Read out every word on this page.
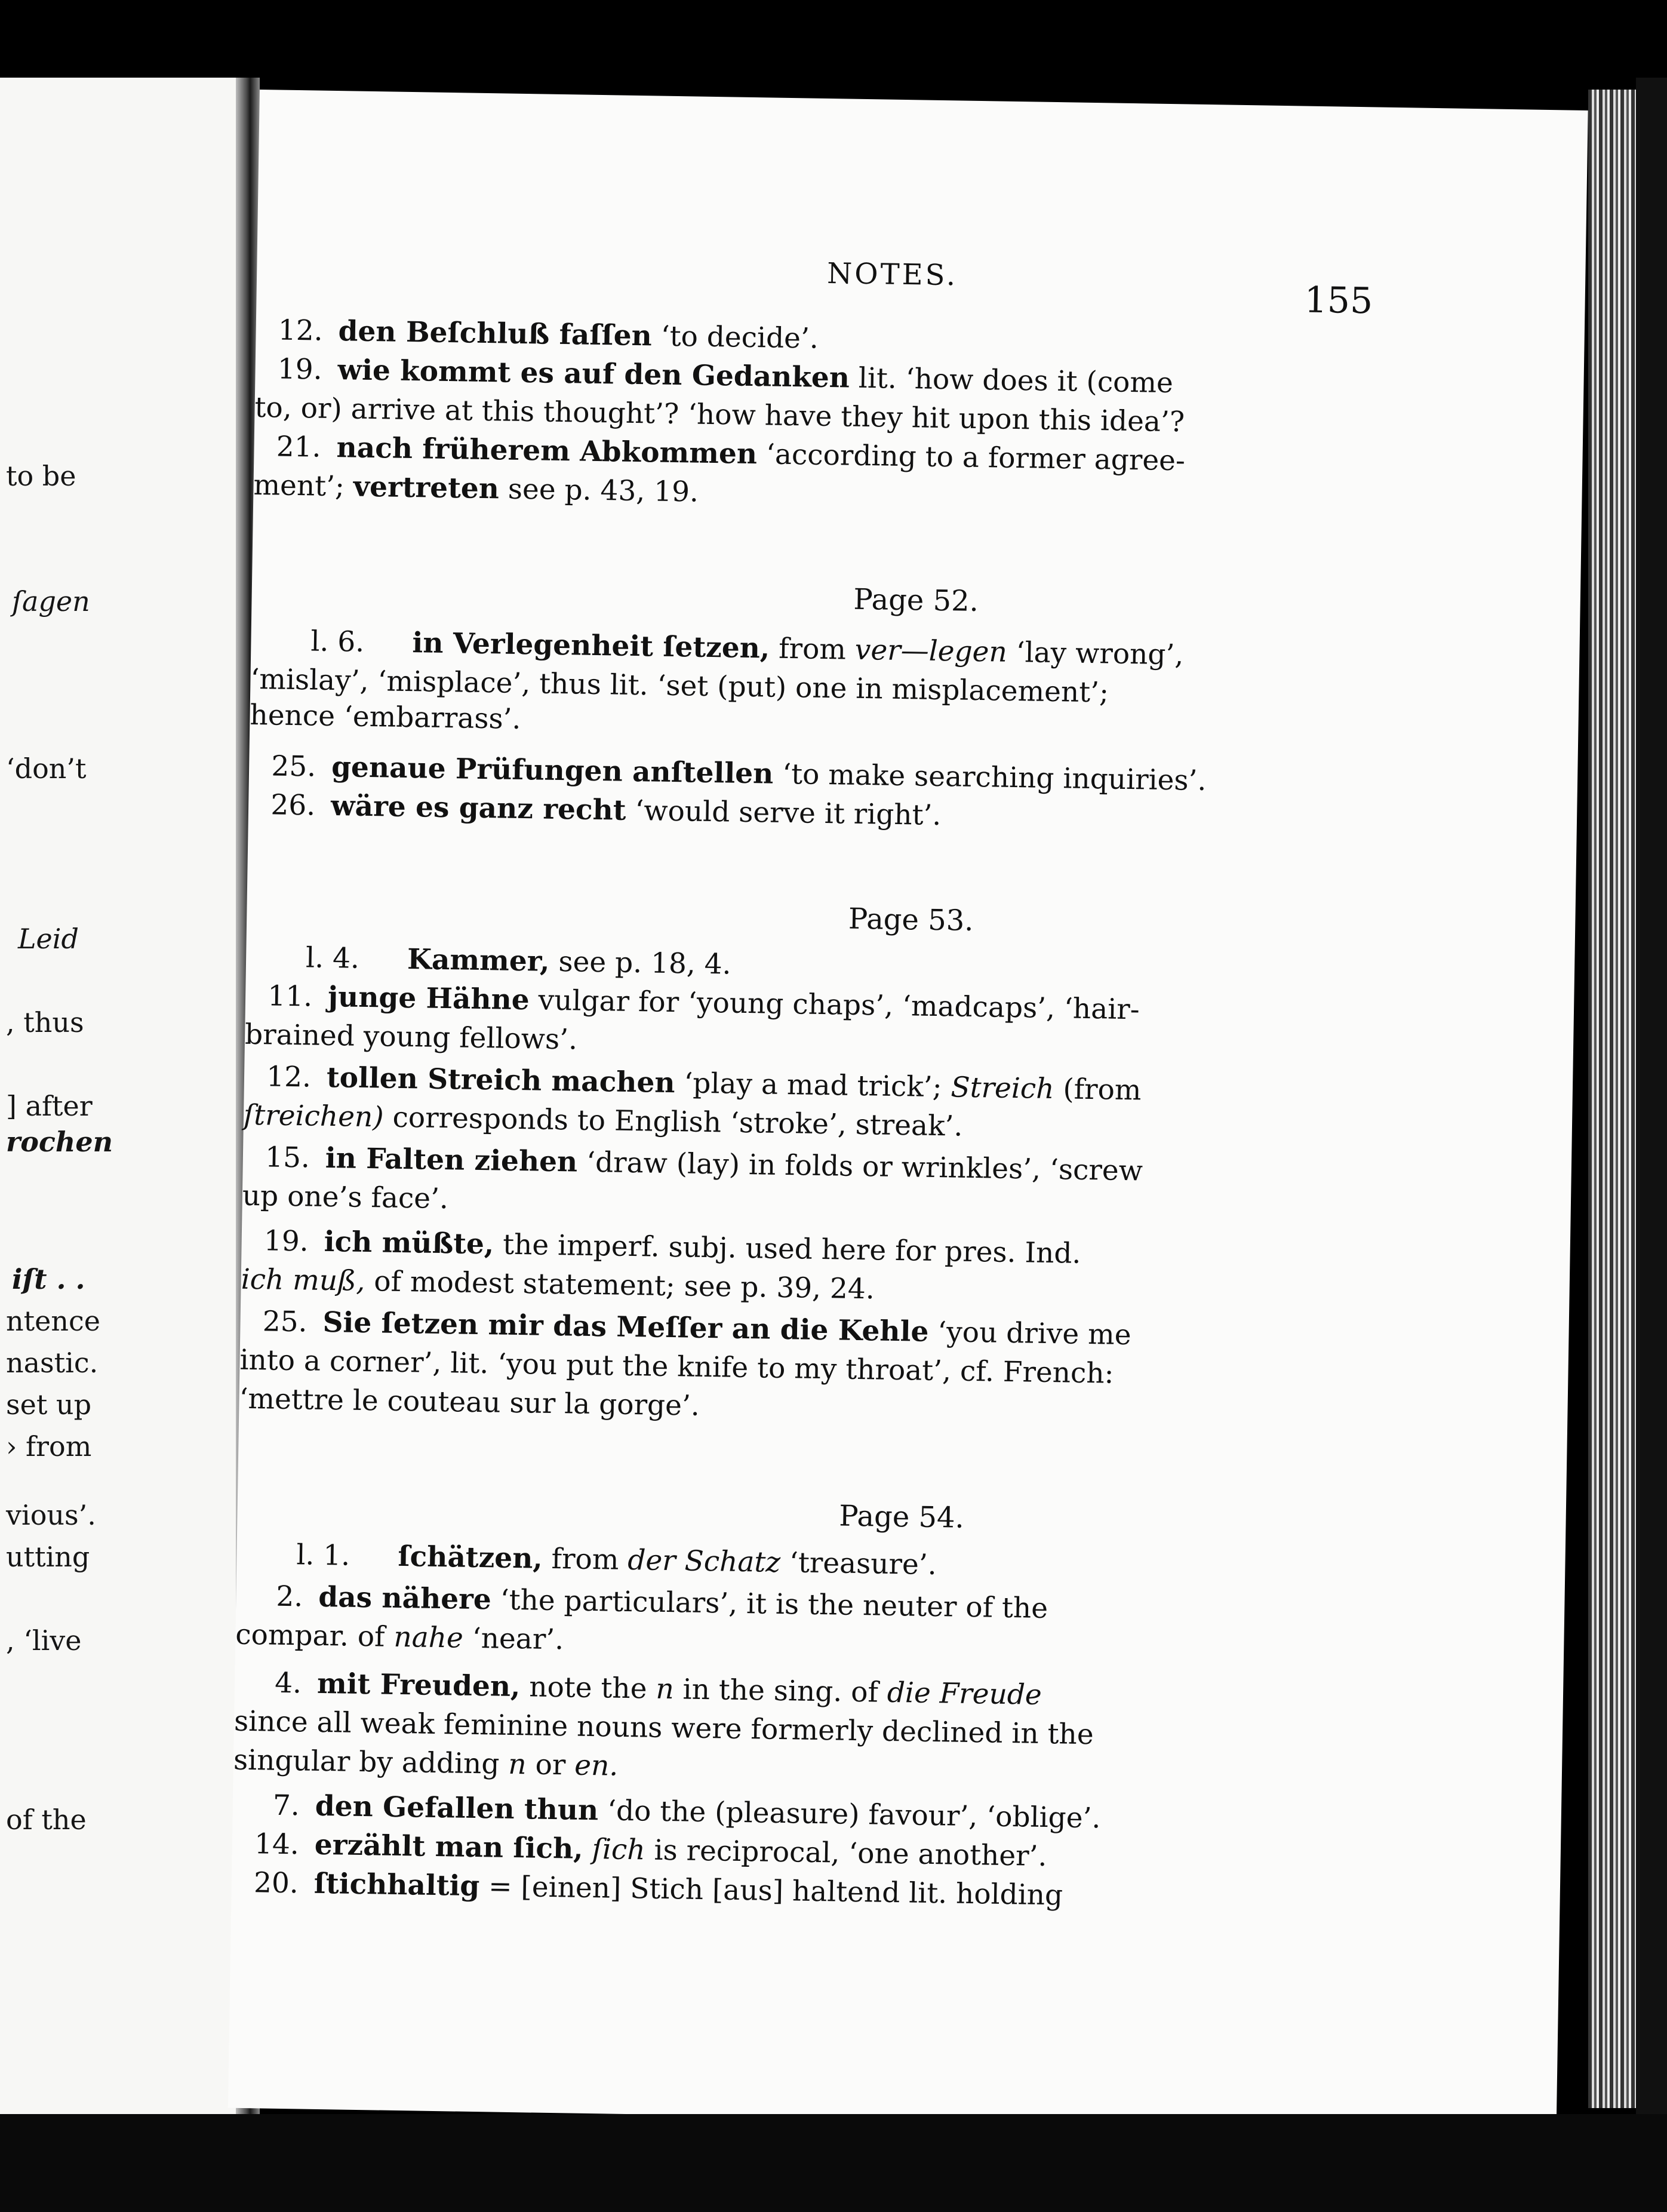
to be
ſagen
‘don’t
Leid
, thus
] after
rochen
iſt . .
ntence
nastic.
set up
› from
vious’.
utting
, ‘live
of the
NOTES.
155
12. den Beſchluß faſſen ‘to decide’.
19. wie kommt es auf den Gedanken lit. ‘how does it (come
to, or) arrive at this thought’? ‘how have they hit upon this idea’?
21. nach früherem Abkommen ‘according to a former agree-
ment’; vertreten see p. 43, 19.
Page 52.
l. 6. in Verlegenheit ſetzen, from ver—legen ‘lay wrong’,
‘mislay’, ‘misplace’, thus lit. ‘set (put) one in misplacement’;
hence ‘embarrass’.
25. genaue Prüfungen anſtellen ‘to make searching inquiries’.
26. wäre es ganz recht ‘would serve it right’.
Page 53.
l. 4. Kammer, see p. 18, 4.
11. junge Hähne vulgar for ‘young chaps’, ‘madcaps’, ‘hair-
brained young fellows’.
12. tollen Streich machen ‘play a mad trick’; Streich (from
ſtreichen) corresponds to English ‘stroke’, streak’.
15. in Falten ziehen ‘draw (lay) in folds or wrinkles’, ‘screw
up one’s face’.
19. ich müßte, the imperf. subj. used here for pres. Ind.
ich muß, of modest statement; see p. 39, 24.
25. Sie ſetzen mir das Meſſer an die Kehle ‘you drive me
into a corner’, lit. ‘you put the knife to my throat’, cf. French:
‘mettre le couteau sur la gorge’.
Page 54.
l. 1. ſchätzen, from der Schatz ‘treasure’.
2. das nähere ‘the particulars’, it is the neuter of the
compar. of nahe ‘near’.
4. mit Freuden, note the n in the sing. of die Freude
since all weak feminine nouns were formerly declined in the
singular by adding n or en.
7. den Gefallen thun ‘do the (pleasure) favour’, ‘oblige’.
14. erzählt man ſich, ſich is reciprocal, ‘one another’.
20. ſtichhaltig = [einen] Stich [aus] haltend lit. holding
